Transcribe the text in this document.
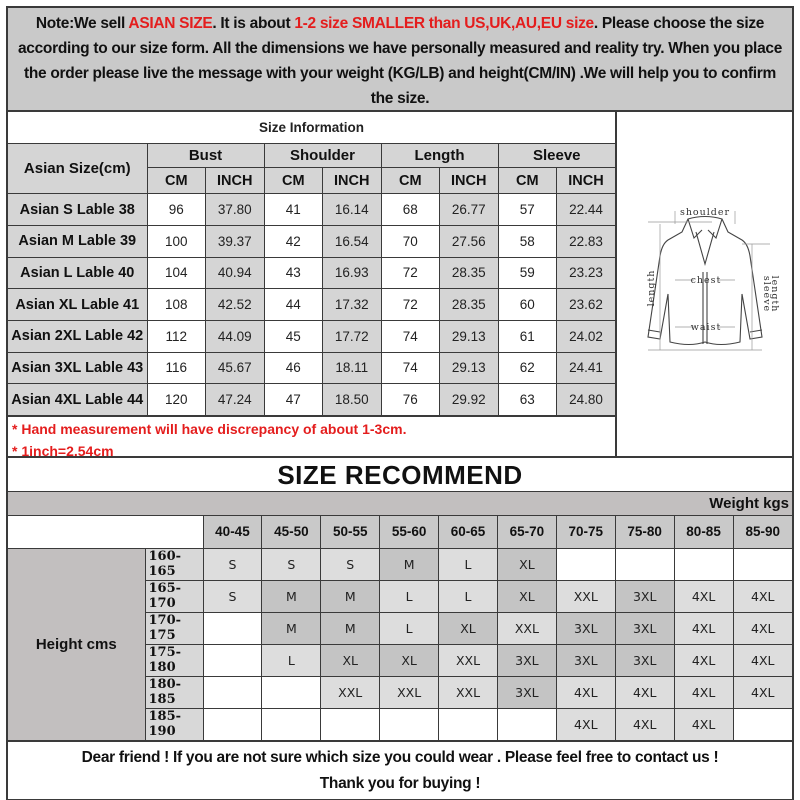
Note:We sell ASIAN SIZE. It is about 1-2 size SMALLER than US,UK,AU,EU size. Please choose the size according to our size form. All the dimensions we have personally measured and reality try. When you place the order please live the message with your weight (KG/LB) and height(CM/IN) .We will help you to confirm the size.
Size Information								
Asian Size(cm)	Bust		Shoulder		Length		Sleeve	
	CM	INCH	CM	INCH	CM	INCH	CM	INCH
Asian S Lable 38	96	37.80	41	16.14	68	26.77	57	22.44
Asian M Lable 39	100	39.37	42	16.54	70	27.56	58	22.83
Asian L Lable 40	104	40.94	43	16.93	72	28.35	59	23.23
Asian XL Lable 41	108	42.52	44	17.32	72	28.35	60	23.62
Asian 2XL Lable 42	112	44.09	45	17.72	74	29.13	61	24.02
Asian 3XL Lable 43	116	45.67	46	18.11	74	29.13	62	24.41
Asian 4XL Lable 44	120	47.24	47	18.50	76	29.92	63	24.80
* Hand measurement will have discrepancy of about 1-3cm.
* 1inch=2.54cm
shoulder
chest
waist
length	sleeve
length
SIZE RECOMMEND
Weight kgs
		40-45	45-50	50-55	55-60	60-65	65-70	70-75	75-80	80-85	85-90
Height cms	160-165	S	S	S	M	L	XL				
	165-170	S	M	M	L	L	XL	XXL	3XL	4XL	4XL
	170-175		M	M	L	XL	XXL	3XL	3XL	4XL	4XL
	175-180		L	XL	XL	XXL	3XL	3XL	3XL	4XL	4XL
	180-185			XXL	XXL	XXL	3XL	4XL	4XL	4XL	4XL
	185-190							4XL	4XL	4XL	
Dear friend ! If you are not sure which size you could wear . Please feel free to contact us !
Thank you for buying !
